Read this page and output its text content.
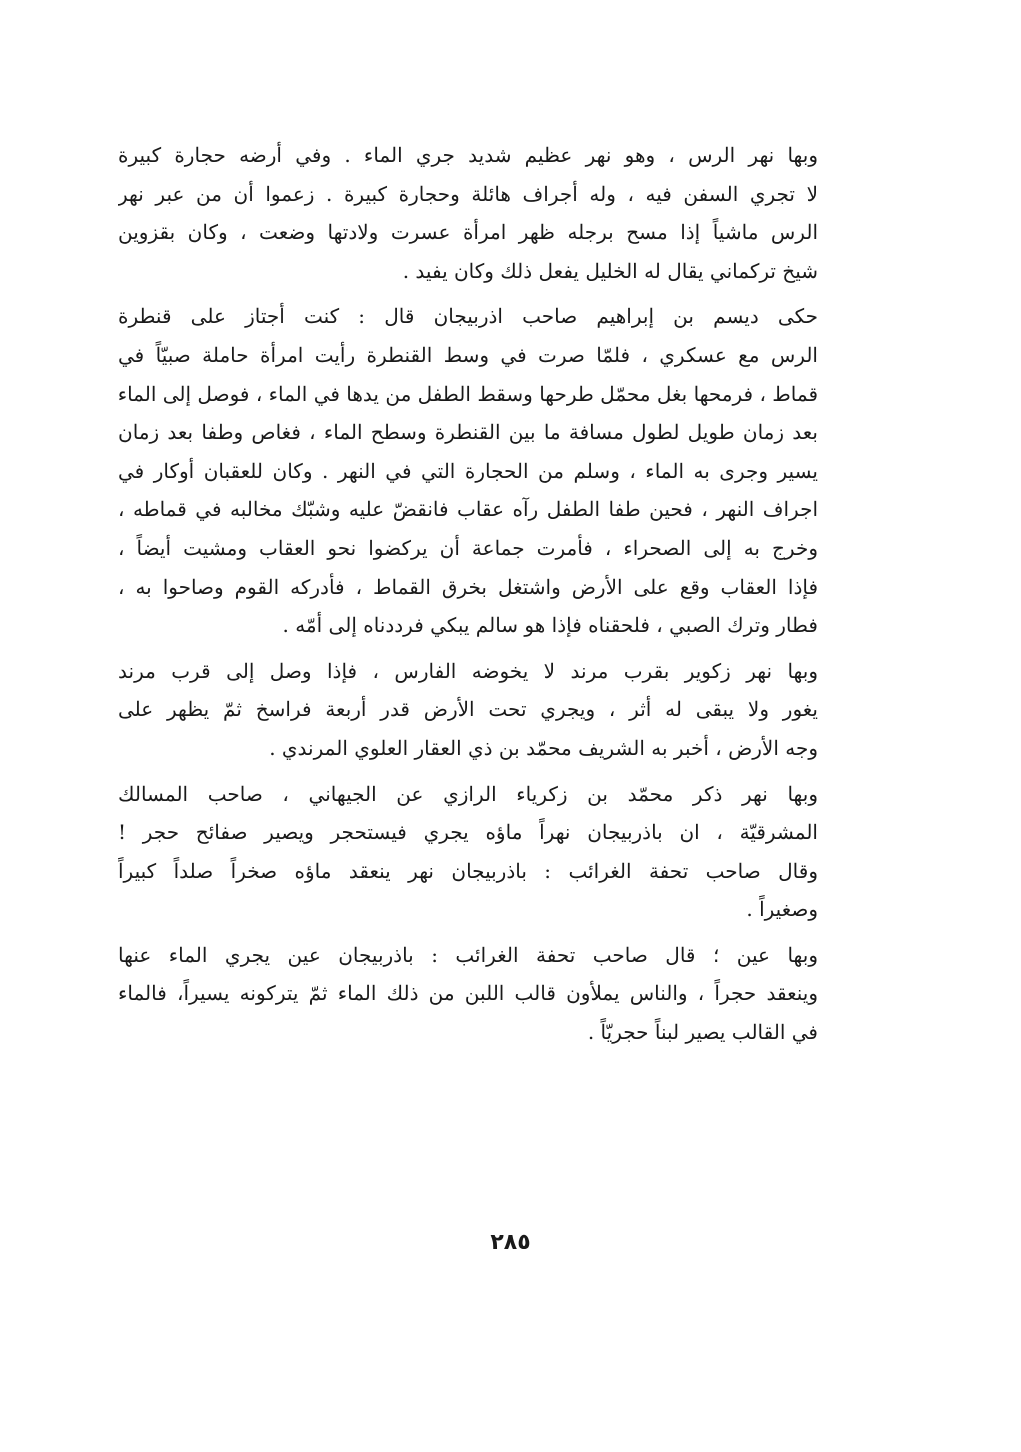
وبها نهر الرس ، وهو نهر عظيم شديد جري الماء . وفي أرضه حجارة كبيرة
لا تجري السفن فيه ، وله أجراف هائلة وحجارة كبيرة . زعموا أن من عبر نهر
الرس ماشياً إذا مسح برجله ظهر امرأة عسرت ولادتها وضعت ، وكان بقزوين
شيخ تركماني يقال له الخليل يفعل ذلك وكان يفيد .

حكى ديسم بن إبراهيم صاحب اذربيجان قال : كنت أجتاز على قنطرة
الرس مع عسكري ، فلمّا صرت في وسط القنطرة رأيت امرأة حاملة صبيّاً في
قماط ، فرمحها بغل محمّل طرحها وسقط الطفل من يدها في الماء ، فوصل إلى الماء
بعد زمان طويل لطول مسافة ما بين القنطرة وسطح الماء ، فغاص وطفا بعد زمان
يسير وجرى به الماء ، وسلم من الحجارة التي في النهر . وكان للعقبان أوكار في
اجراف النهر ، فحين طفا الطفل رآه عقاب فانقضّ عليه وشبّك مخالبه في قماطه ،
وخرج به إلى الصحراء ، فأمرت جماعة أن يركضوا نحو العقاب ومشيت أيضاً ،
فإذا العقاب وقع على الأرض واشتغل بخرق القماط ، فأدركه القوم وصاحوا به ،
فطار وترك الصبي ، فلحقناه فإذا هو سالم يبكي فرددناه إلى أمّه .

وبها نهر زكوير بقرب مرند لا يخوضه الفارس ، فإذا وصل إلى قرب مرند
يغور ولا يبقى له أثر ، ويجري تحت الأرض قدر أربعة فراسخ ثمّ يظهر على
وجه الأرض ، أخبر به الشريف محمّد بن ذي العقار العلوي المرندي .

وبها نهر ذكر محمّد بن زكرياء الرازي عن الجيهاني ، صاحب المسالك
المشرقيّة ، ان باذربيجان نهراً ماؤه يجري فيستحجر ويصير صفائح حجر !
وقال صاحب تحفة الغرائب : باذربيجان نهر ينعقد ماؤه صخراً صلداً كبيراً
وصغيراً .

وبها عين ؛ قال صاحب تحفة الغرائب : باذربيجان عين يجري الماء عنها
وينعقد حجراً ، والناس يملأون قالب اللبن من ذلك الماء ثمّ يتركونه يسيراً، فالماء
في القالب يصير لبناً حجريّاً .

٢٨٥
